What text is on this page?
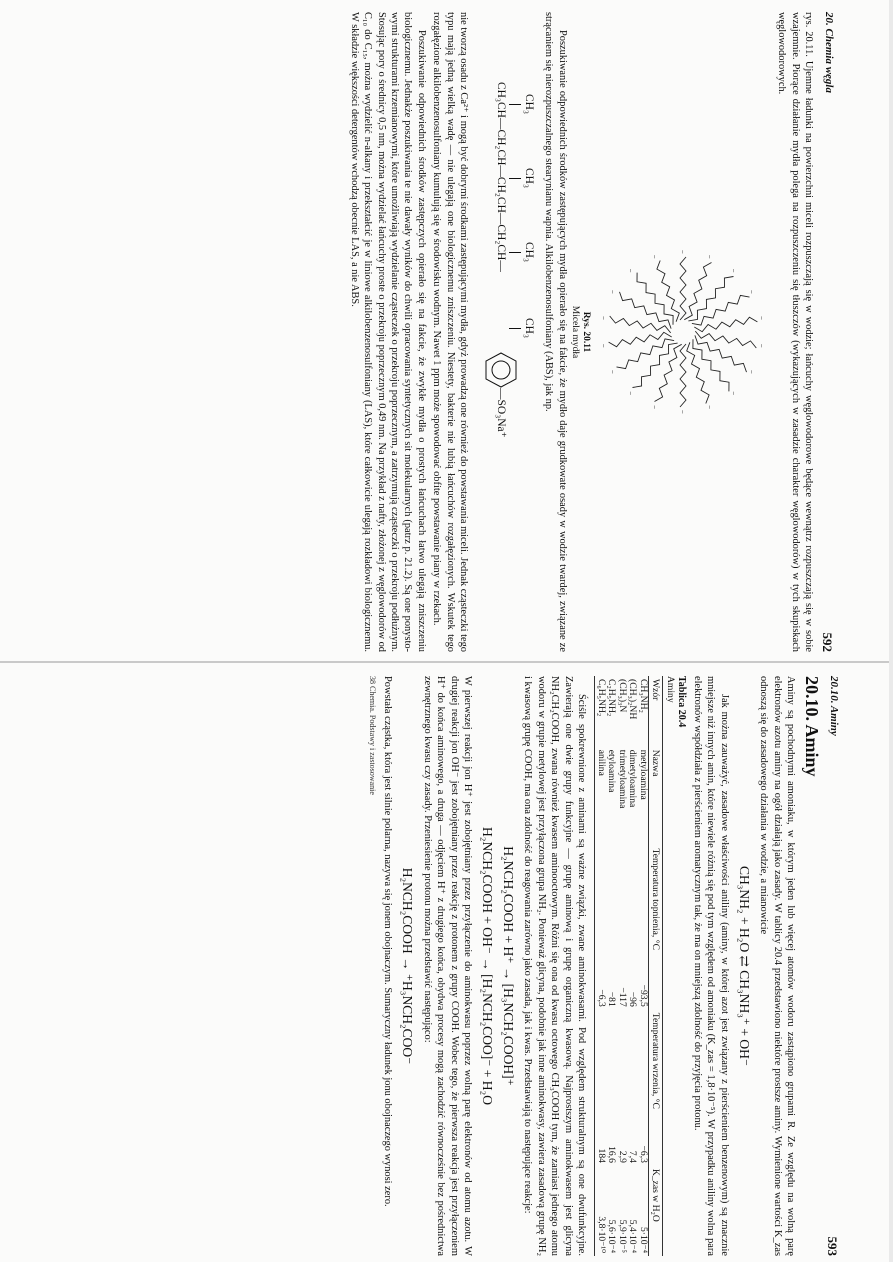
20. Chemia węgla
592

rys. 20.11. Ujemne ładunki na powierzchni miceli rozpuszczają się w wodzie; łańcuchy węglowodorowe będące wewnątrz rozpuszczają się w sobie wzajemnie. Piorące działanie mydła polega na rozpuszczeniu się tłuszczów (wykazujących w zasadzie charakter węglowodorów) w tych skupiskach węglowodorowych.

−
−
−
−
−
−
−
−
−
−
−
−
−
−
−
−
−
−
Rys. 20.11
Micela mydła

Poszukiwanie odpowiednich środków zastępujących mydła opierało się na fakcie, że mydło daje grudkowate osady w wodzie twardej, związane ze strącaniem się nierozpuszczalnego stearynianu wapnia. Alkilobenzenosulfoniany (ABS), jak np.

CH₃
CH₃
CH₃
CH₃
CH₃CH—CH₂CH—CH₂CH—CH₂CH—
—SO₃Na⁺

nie tworzą osadu z Ca²⁺ i mogą być dobrymi środkami zastępującymi mydła, gdyż prowadzą one również do powstawania miceli. Jednak cząsteczki tego typu mają jedną wielką wadę — nie ulegają one biologicznemu zniszczeniu. Niestety, bakterie nie lubią łańcuchów rozgałęzionych. Wskutek tego rozgałęzione alkilobenzenosulfoniany kumulują się w środowisku wodnym. Nawet 1 ppm może spowodować obfite powstawanie piany w rzekach.

Poszukiwanie odpowiednich środków zastępczych opierało się na fakcie, że zwykłe mydła o prostych łańcuchach łatwo ulegają zniszczeniu biologicznemu. Jednakże poszukiwania te nie dawały wyników do chwili opracowania syntetycznych sit molekularnych (patrz p. 21.2). Są one ponysto-wymi strukturami krzemianowymi, które umożliwiają wydzielanie cząsteczek o przekroju poprzecznym, a zatrzymują cząsteczki o przekroju podłużnym. Stosując pory o średnicy 0,5 nm, można wydzielać łańcuchy proste o przekroju poprzecznym 0,49 nm. Na przykład z nafty, złożonej z węglowodorów od C₁₀ do C₁₅, można wydzielić n-alkany i przekształcić je w liniowe alkilobenzenosulfoniany (LAS), które całkowicie ulegają rozkładowi biologicznemu. W składzie większości detergentów wchodzą obecnie LAS, a nie ABS.

20.10. Aminy
593
20.10. Aminy

Aminy są pochodnymi amoniaku, w którym jeden lub więcej atomów wodoru zastąpiono grupami R. Ze względu na wolną parę elektronów azotu aminy na ogół działają jako zasady. W tablicy 20.4 przedstawiono niektóre prostsze aminy. Wymienione wartości K_zas odnoszą się do zasadowego działania w wodzie, a mianowicie

CH₃NH₂ + H₂O ⇄ CH₃NH₃⁺ + OH⁻

Jak można zauważyć, zasadowe właściwości aniliny (aminy, w której azot jest związany z pierścieniem benzenowym) są znacznie mniejsze niż innych amin, które niewiele różnią się pod tym względem od amoniaku (K_zas = 1,8·10⁻⁵). W przypadku aniliny wolna para elektronów współdziała z pierścieniem aromatycznym tak, że ma on mniejszą zdolność do przyjęcia protonu.

Tablica 20.4
Aminy
Wzór	Nazwa	Temperatura topnienia, °C	Temperatura wrzenia, °C	K_zas w H₂O
CH₃NH₂	metyloamina	−93,5	−6,3	5·10⁻⁴
(CH₃)₂NH	dimetyloamina	−96	7,4	5,4·10⁻⁴
(CH₃)₃N	trimetyloamina	−117	2,9	5,9·10⁻⁵
C₂H₅NH₂	etyloamina	−81	16,6	5,6·10⁻⁴
C₆H₅NH₂	anilina	−6,3	184	3,8·10⁻¹⁰

Ściśle spokrewnione z aminami są ważne związki, zwane aminokwasami. Pod względem strukturalnym są one dwufunkcyjne. Zawierają one dwie grupy funkcyjne — grupę aminową i grupę organiczną kwasową. Najprostszym aminokwasem jest glicyna NH₂CH₂COOH, zwana również kwasem aminooctowym. Różni się ona od kwasu octowego CH₃COOH tym, że zamiast jednego atomu wodoru w grupie metylowej jest przyłączona grupa NH₂. Ponieważ glicyna, podobnie jak inne aminokwasy, zawiera zasadową grupę NH₂ i kwasową grupę COOH, ma ona zdolność do reagowania zarówno jako zasada, jak i kwas. Przedstawiają to następujące reakcje:

H₂NCH₂COOH + H⁺ → [H₃NCH₂COOH]⁺
H₂NCH₂COOH + OH⁻ → [H₂NCH₂COO]⁻ + H₂O

W pierwszej reakcji jon H⁺ jest zobojętniany przez przyłączenie do aminokwasu poprzez wolną parę elektronów od atomu azotu. W drugiej reakcji jon OH⁻ jest zobojętniany przez reakcję z protonem z grupy COOH. Wobec tego, że pierwsza reakcja jest przyłączeniem H⁺ do końca aminowego, a druga — odjęciem H⁺ z drugiego końca, obydwa procesy mogą zachodzić równocześnie bez pośrednictwa zewnętrznego kwasu czy zasady. Przeniesienie protonu można przedstawić następująco:

H₂NCH₂COOH → ⁺H₃NCH₂COO⁻

Powstała cząstka, która jest silnie polarna, nazywa się jonem obojnaczym. Sumaryczny ładunek jonu obojnaczego wynosi zero.

38 Chemia. Podstawy i zastosowanie
